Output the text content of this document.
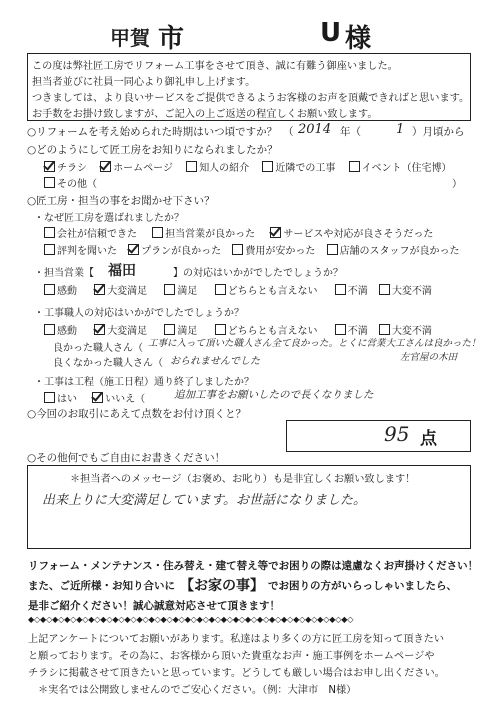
甲賀 市	U 様
この度は弊社匠工房でリフォーム工事をさせて頂き、誠に有難う御座いました。
担当者並びに社員一同心より御礼申し上げます。
つきましては、より良いサービスをご提供できるようお客様のお声を頂戴できればと思います。
お手数をお掛け致しますが、ご記入の上ご返送の程宜しくお願い致します。
○リフォームを考え始められた時期はいつ頃ですか？ （ 2014 年（	1 ）月頃から
○どのようにして匠工房をお知りになられましたか？
チラシ	ホームページ	知人の紹介	近隣での工事	イベント（住宅博）
その他（	）
○匠工房・担当の事をお聞かせ下さい？
・なぜ匠工房を選ばれましたか？
会社が信頼できた	担当営業が良かった	サービスや対応が良さそうだった
評判を聞いた プランが良かった 費用が安かった 店舗のスタッフが良かった
・担当営業【 福田	】の対応はいかがでしたでしょうか？
感動	大変満足	満足	どちらとも言えない	不満 大変不満
・工事職人の対応はいかがでしたでしょうか？
感動	大変満足	満足	どちらとも言えない	不満 大変不満
良かった職人さん（ 工事に入って頂いた職人さん全て良かった。とくに営業大工さんは良かった！
左官屋の木田
良くなかった職人さん（ おられませんでした
・工事は工程（施工日程）通り終了しましたか？
はい	いいえ（	追加工事をお願いしたので長くなりました
○今回のお取引にあえて点数をお付け頂くと？
95 点
○その他何でもご自由にお書きください！
＊担当者へのメッセージ（お褒め、お叱り）も是非宜しくお願い致します！
出来上りに大変満足しています。お世話になりました。
リフォーム・メンテナンス・住み替え・建て替え等でお困りの際は遠慮なくお声掛けください！
また、ご近所様・お知り合いに 【お家の事】 でお困りの方がいらっしゃいましたら、
是非ご紹介ください！誠心誠意対応させて頂きます！
◆◇◆◇◆◇◆◇◆◇◆◇◆◇◆◇◆◇◆◇◆◇◆◇◆◇◆◇◆◇◆◇◆◇◆◇◆◇◆◇◆◇◆◇◆◇◆◇◆◇◆◇◆◇
上記アンケートについてお願いがあります。私達はより多くの方に匠工房を知って頂きたい
と願っております。その為に、お客様から頂いた貴重なお声・施工事例をホームページや
チラシに掲載させて頂きたいと思っています。どうしても厳しい場合はお申し出ください。
＊実名では公開致しませんのでご安心ください。（例：大津市　N様）
